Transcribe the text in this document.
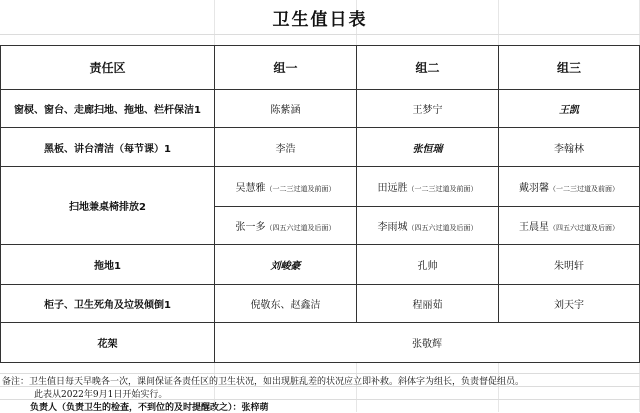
卫生值日表
责任区	组一	组二	组三
窗棂、窗台、走廊扫地、拖地、栏杆保洁1	陈紫涵	王梦宁	王凯
黑板、讲台清洁（每节课）1	李浩	张恒瑞	李翰林
扫地兼桌椅排放2	吴慧雅（一二三过道及前面）	田远胜（一二三过道及前面）	戴羽馨（一二三过道及前面）
	张一多（四五六过道及后面）	李雨城（四五六过道及后面）	王晨星（四五六过道及后面）
拖地1	刘峻豪	孔帅	朱明轩
柜子、卫生死角及垃圾倾倒1	倪敬东、赵鑫洁	程丽茹	刘天宇
花架	张敬辉		
备注：卫生值日每天早晚各一次，课间保证各责任区的卫生状况，如出现脏乱差的状况应立即补救。斜体字为组长，负责督促组员。
此表从2022年9月1日开始实行。
负责人（负责卫生的检查，不到位的及时提醒改之）：张梓萌
